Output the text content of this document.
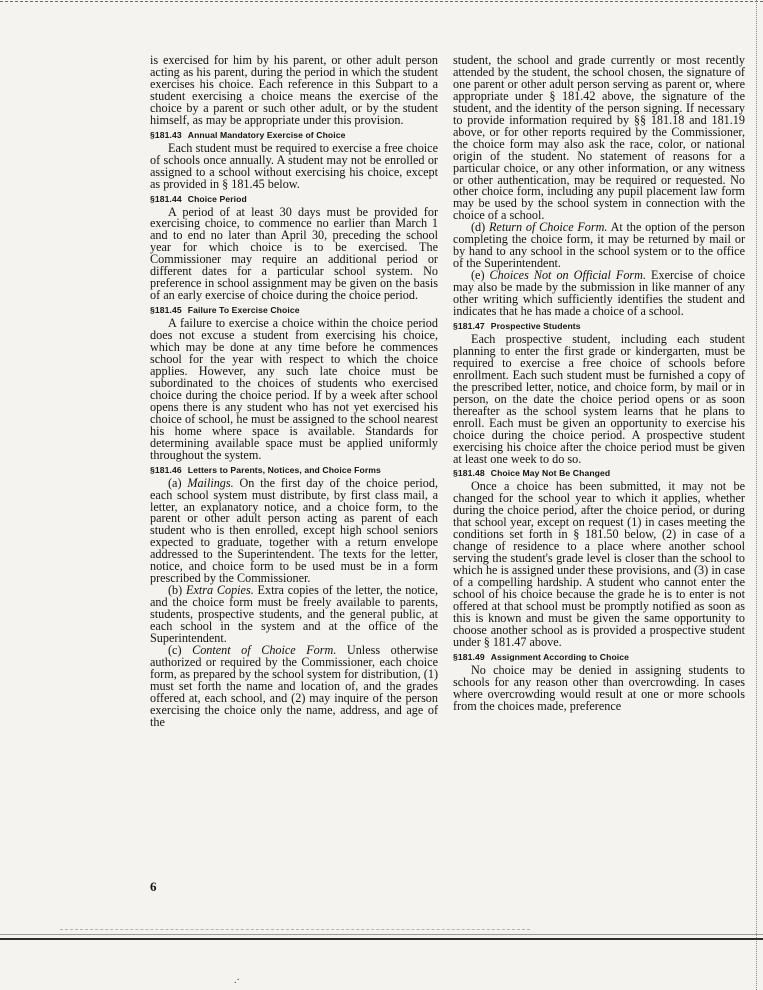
is exercised for him by his parent, or other adult person acting as his parent, during the period in which the student exercises his choice. Each reference in this Subpart to a student exercising a choice means the exercise of the choice by a parent or such other adult, or by the student himself, as may be appropriate under this provision.

§181.43 Annual Mandatory Exercise of Choice

Each student must be required to exercise a free choice of schools once annually. A student may not be enrolled or assigned to a school without exercising his choice, except as provided in § 181.45 below.

§181.44 Choice Period

A period of at least 30 days must be provided for exercising choice, to commence no earlier than March 1 and to end no later than April 30, preceding the school year for which choice is to be exercised. The Commissioner may require an additional period or different dates for a particular school system. No preference in school assignment may be given on the basis of an early exercise of choice during the choice period.

§181.45 Failure To Exercise Choice

A failure to exercise a choice within the choice period does not excuse a student from exercising his choice, which may be done at any time before he commences school for the year with respect to which the choice applies. However, any such late choice must be subordinated to the choices of students who exercised choice during the choice period. If by a week after school opens there is any student who has not yet exercised his choice of school, he must be assigned to the school nearest his home where space is available. Standards for determining available space must be applied uniformly throughout the system.

§181.46 Letters to Parents, Notices, and Choice Forms

(a) Mailings. On the first day of the choice period, each school system must distribute, by first class mail, a letter, an explanatory notice, and a choice form, to the parent or other adult person acting as parent of each student who is then enrolled, except high school seniors expected to graduate, together with a return envelope addressed to the Superintendent. The texts for the letter, notice, and choice form to be used must be in a form prescribed by the Commissioner.

(b) Extra Copies. Extra copies of the letter, the notice, and the choice form must be freely available to parents, students, prospective students, and the general public, at each school in the system and at the office of the Superintendent.

(c) Content of Choice Form. Unless otherwise authorized or required by the Commissioner, each choice form, as prepared by the school system for distribution, (1) must set forth the name and location of, and the grades offered at, each school, and (2) may inquire of the person exercising the choice only the name, address, and age of the

student, the school and grade currently or most recently attended by the student, the school chosen, the signature of one parent or other adult person serving as parent or, where appropriate under § 181.42 above, the signature of the student, and the identity of the person signing. If necessary to provide information required by §§ 181.18 and 181.19 above, or for other reports required by the Commissioner, the choice form may also ask the race, color, or national origin of the student. No statement of reasons for a particular choice, or any other information, or any witness or other authentication, may be required or requested. No other choice form, including any pupil placement law form may be used by the school system in connection with the choice of a school.

(d) Return of Choice Form. At the option of the person completing the choice form, it may be returned by mail or by hand to any school in the school system or to the office of the Superintendent.

(e) Choices Not on Official Form. Exercise of choice may also be made by the submission in like manner of any other writing which sufficiently identifies the student and indicates that he has made a choice of a school.

§181.47 Prospective Students

Each prospective student, including each student planning to enter the first grade or kindergarten, must be required to exercise a free choice of schools before enrollment. Each such student must be furnished a copy of the prescribed letter, notice, and choice form, by mail or in person, on the date the choice period opens or as soon thereafter as the school system learns that he plans to enroll. Each must be given an opportunity to exercise his choice during the choice period. A prospective student exercising his choice after the choice period must be given at least one week to do so.

§181.48 Choice May Not Be Changed

Once a choice has been submitted, it may not be changed for the school year to which it applies, whether during the choice period, after the choice period, or during that school year, except on request (1) in cases meeting the conditions set forth in § 181.50 below, (2) in case of a change of residence to a place where another school serving the student's grade level is closer than the school to which he is assigned under these provisions, and (3) in case of a compelling hardship. A student who cannot enter the school of his choice because the grade he is to enter is not offered at that school must be promptly notified as soon as this is known and must be given the same opportunity to choose another school as is provided a prospective student under § 181.47 above.

§181.49 Assignment According to Choice

No choice may be denied in assigning students to schools for any reason other than overcrowding. In cases where overcrowding would result at one or more schools from the choices made, preference

6
.·
